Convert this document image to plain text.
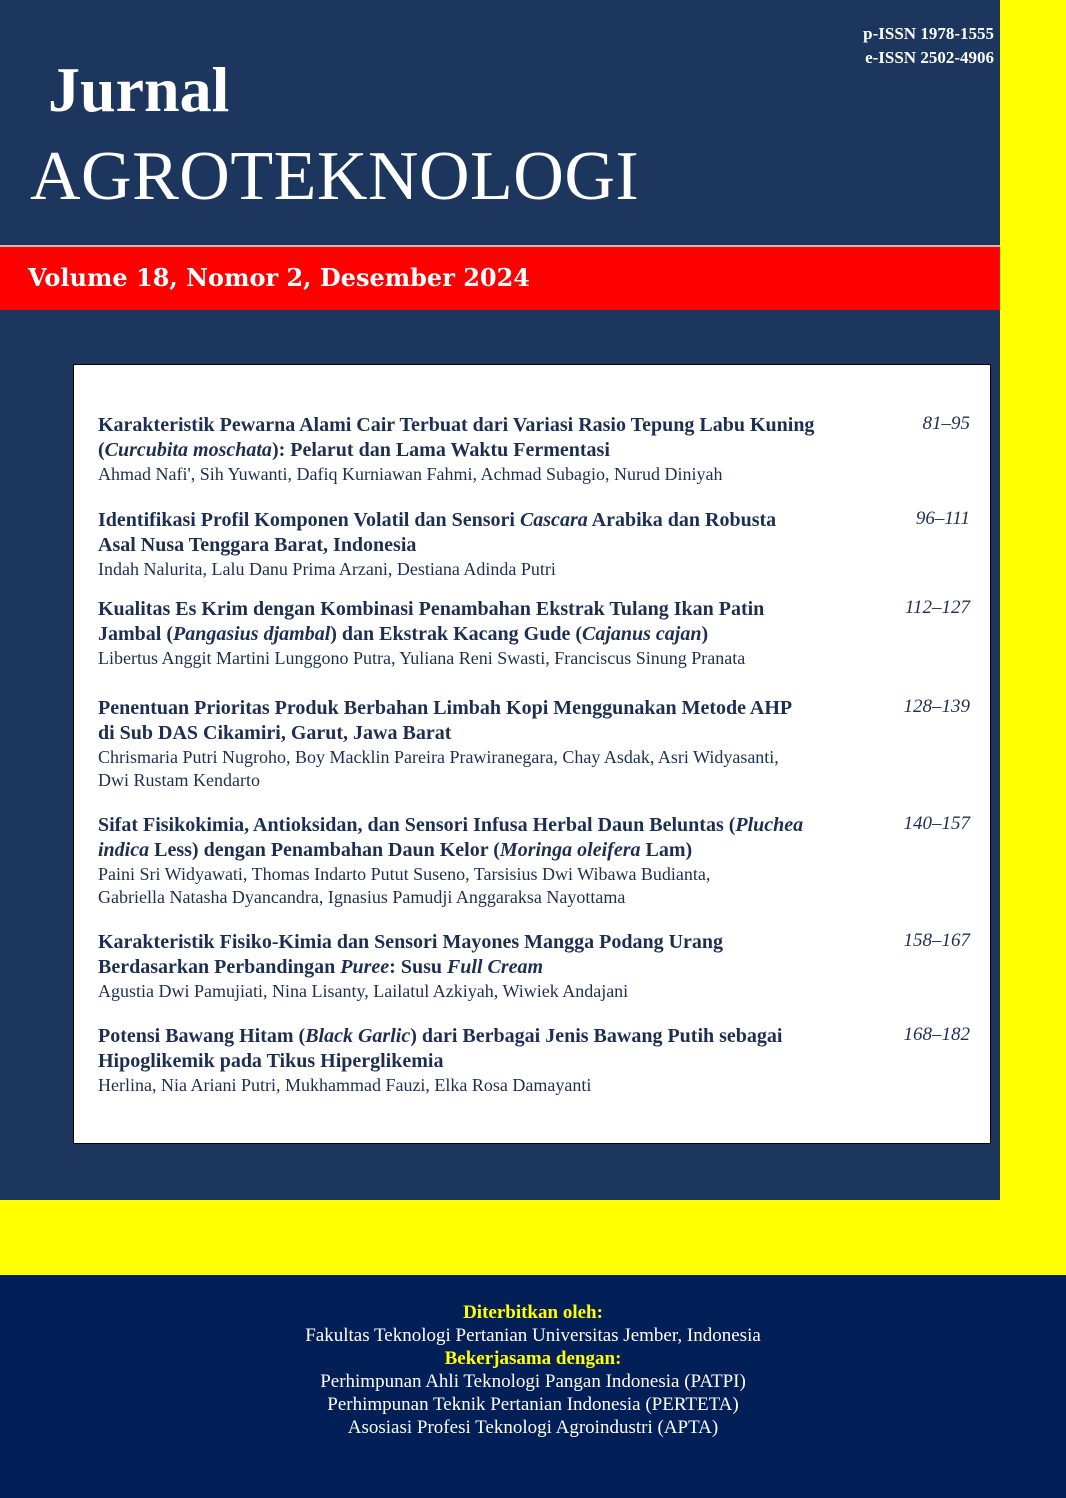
p-ISSN 1978-1555
e-ISSN 2502-4906
Jurnal
AGROTEKNOLOGI
Volume 18, Nomor 2, Desember 2024
Karakteristik Pewarna Alami Cair Terbuat dari Variasi Rasio Tepung Labu Kuning
(Curcubita moschata): Pelarut dan Lama Waktu Fermentasi
Ahmad Nafi', Sih Yuwanti, Dafiq Kurniawan Fahmi, Achmad Subagio, Nurud Diniyah
81–95
Identifikasi Profil Komponen Volatil dan Sensori Cascara Arabika dan Robusta
Asal Nusa Tenggara Barat, Indonesia
Indah Nalurita, Lalu Danu Prima Arzani, Destiana Adinda Putri
96–111
Kualitas Es Krim dengan Kombinasi Penambahan Ekstrak Tulang Ikan Patin
Jambal (Pangasius djambal) dan Ekstrak Kacang Gude (Cajanus cajan)
Libertus Anggit Martini Lunggono Putra, Yuliana Reni Swasti, Franciscus Sinung Pranata
112–127
Penentuan Prioritas Produk Berbahan Limbah Kopi Menggunakan Metode AHP
di Sub DAS Cikamiri, Garut, Jawa Barat
Chrismaria Putri Nugroho, Boy Macklin Pareira Prawiranegara, Chay Asdak, Asri Widyasanti,
Dwi Rustam Kendarto
128–139
Sifat Fisikokimia, Antioksidan, dan Sensori Infusa Herbal Daun Beluntas (Pluchea
indica Less) dengan Penambahan Daun Kelor (Moringa oleifera Lam)
Paini Sri Widyawati, Thomas Indarto Putut Suseno, Tarsisius Dwi Wibawa Budianta,
Gabriella Natasha Dyancandra, Ignasius Pamudji Anggaraksa Nayottama
140–157
Karakteristik Fisiko-Kimia dan Sensori Mayones Mangga Podang Urang
Berdasarkan Perbandingan Puree: Susu Full Cream
Agustia Dwi Pamujiati, Nina Lisanty, Lailatul Azkiyah, Wiwiek Andajani
158–167
Potensi Bawang Hitam (Black Garlic) dari Berbagai Jenis Bawang Putih sebagai
Hipoglikemik pada Tikus Hiperglikemia
Herlina, Nia Ariani Putri, Mukhammad Fauzi, Elka Rosa Damayanti
168–182
Diterbitkan oleh:
Fakultas Teknologi Pertanian Universitas Jember, Indonesia
Bekerjasama dengan:
Perhimpunan Ahli Teknologi Pangan Indonesia (PATPI)
Perhimpunan Teknik Pertanian Indonesia (PERTETA)
Asosiasi Profesi Teknologi Agroindustri (APTA)
